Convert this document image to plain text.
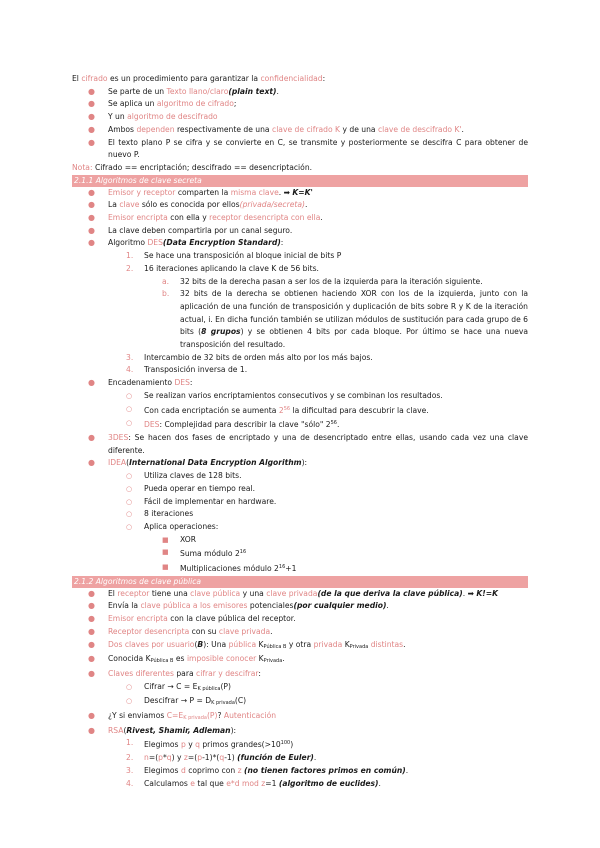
El cifrado es un procedimiento para garantizar la confidencialidad:

● Se parte de un Texto llano/claro(plain text).
● Se aplica un algoritmo de cifrado;
● Y un algoritmo de descifrado
● Ambos dependen respectivamente de una clave de cifrado K y de una clave de descifrado K'.
● El texto plano P se cifra y se convierte en C, se transmite y posteriormente se descifra C para obtener de nuevo P.

Nota: Cifrado == encriptación; descifrado == desencriptación.

2.1.1 Algoritmos de clave secreta
● Emisor y receptor comparten la misma clave. ➡ K=K'
● La clave sólo es conocida por ellos(privada/secreta).
● Emisor encripta con ella y receptor desencripta con ella.
● La clave deben compartirla por un canal seguro.
● Algoritmo DES(Data Encryption Standard):
1. Se hace una transposición al bloque inicial de bits P
2. 16 iteraciones aplicando la clave K de 56 bits.
a. 32 bits de la derecha pasan a ser los de la izquierda para la iteración siguiente.
b. 32 bits de la derecha se obtienen haciendo XOR con los de la izquierda, junto con la aplicación de una función de transposición y duplicación de bits sobre R y K de la iteración actual, i. En dicha función también se utilizan módulos de sustitución para cada grupo de 6 bits (8 grupos) y se obtienen 4 bits por cada bloque. Por último se hace una nueva transposición del resultado.
3. Intercambio de 32 bits de orden más alto por los más bajos.
4. Transposición inversa de 1.
● Encadenamiento DES:
○ Se realizan varios encriptamientos consecutivos y se combinan los resultados.
○ Con cada encriptación se aumenta $2^{56}$ la dificultad para descubrir la clave.
○ DES: Complejidad para describir la clave "sólo" $2^{56}$.
● 3DES: Se hacen dos fases de encriptado y una de desencriptado entre ellas, usando cada vez una clave diferente.
● IDEA(International Data Encryption Algorithm):
○ Utiliza claves de 128 bits.
○ Pueda operar en tiempo real.
○ Fácil de implementar en hardware.
○ 8 iteraciones
○ Aplica operaciones:
■ XOR
■ Suma módulo $2^{16}$
■ Multiplicaciones módulo $2^{16}+1$
2.1.2 Algoritmos de clave pública
● El receptor tiene una clave pública y una clave privada(de la que deriva la clave pública). ➡ K!=K
● Envía la clave pública a los emisores potenciales(por cualquier medio).
● Emisor encripta con la clave pública del receptor.
● Receptor desencripta con su clave privada.
● Dos claves por usuario(B): Una pública $K_{Pública B}$ y otra privada $K_{Privada}$ distintas.
● Conocida $K_{Pública B}$ es imposible conocer $K_{Privada}$.
● Claves diferentes para cifrar y descifrar:
○ Cifrar → $C = E_{K pública}(P)$
○ Descifrar → $P = D_{K privada}(C)$
● ¿Y si enviamos $C=E_{K privada}(P)$? Autenticación
● RSA(Rivest, Shamir, Adleman):
1. Elegimos p y q primos $grandes(>10^{100})$
2. n=(p*q) y z=(p-1)*(q-1) (función de Euler).
3. Elegimos d coprimo con z (no tienen factores primos en común).
4. Calculamos e tal que e*d mod z=1 (algoritmo de euclides).
